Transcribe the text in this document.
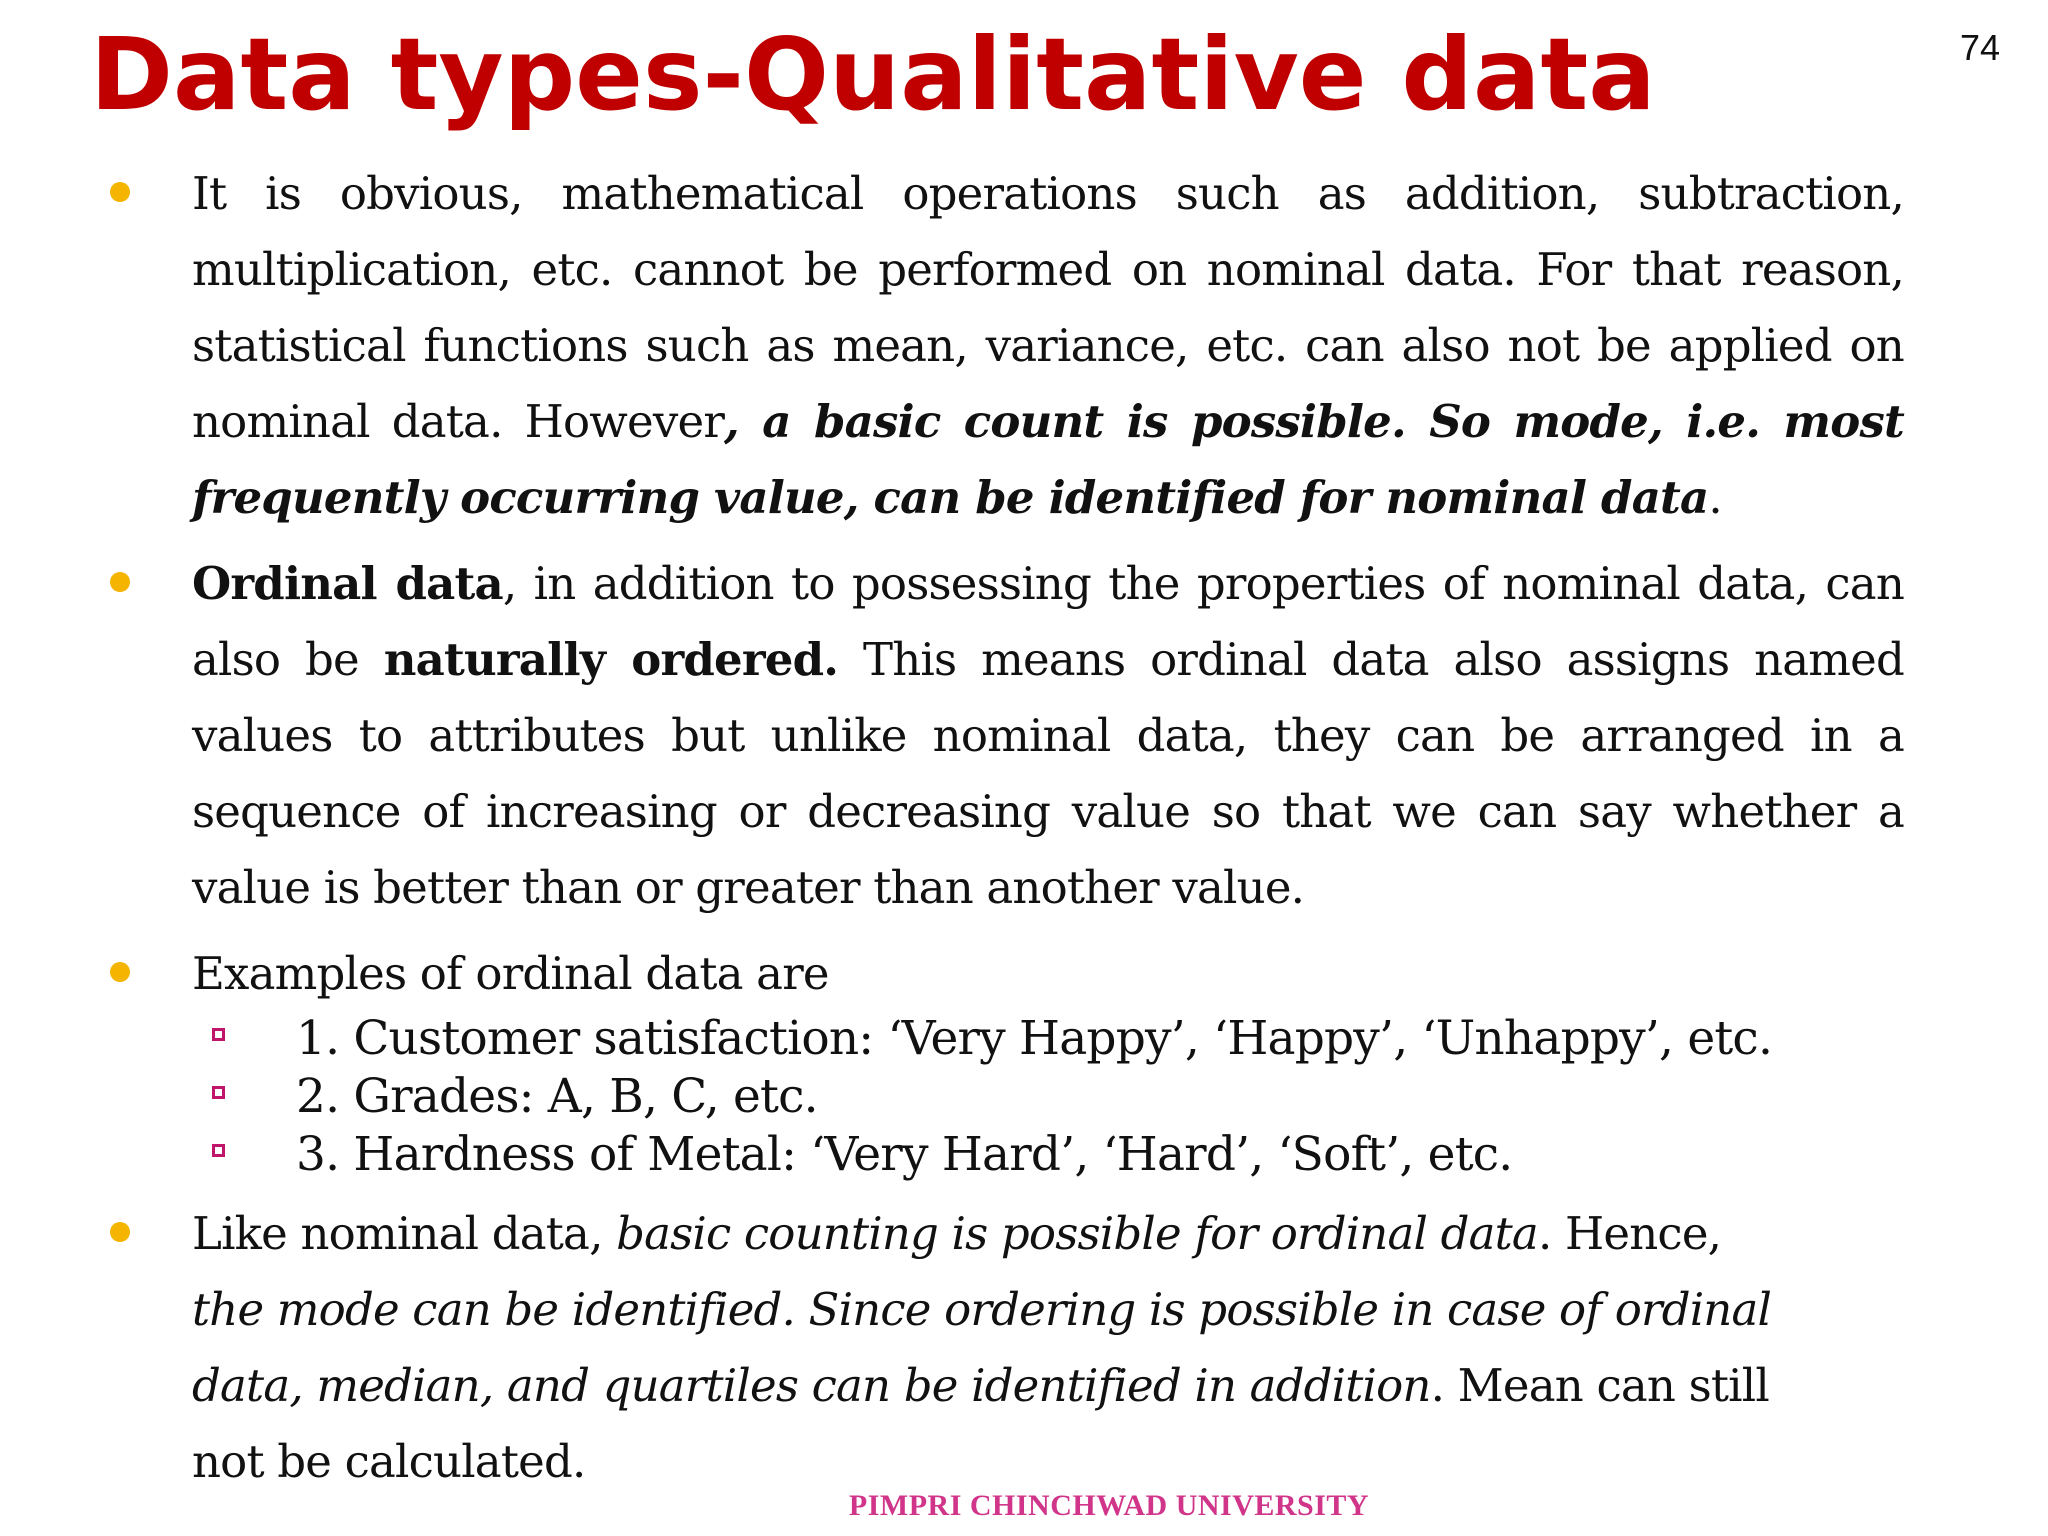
Data types-Qualitative data	74

It is obvious, mathematical operations such as addition, subtraction, multiplication, etc. cannot be performed on nominal data. For that reason, statistical functions such as mean, variance, etc. can also not be applied on nominal data. However, a basic count is possible. So mode, i.e. most frequently occurring value, can be identified for nominal data.

Ordinal data, in addition to possessing the properties of nominal data, can also be naturally ordered. This means ordinal data also assigns named values to attributes but unlike nominal data, they can be arranged in a sequence of increasing or decreasing value so that we can say whether a value is better than or greater than another value.

Examples of ordinal data are

1. Customer satisfaction: ‘Very Happy’, ‘Happy’, ‘Unhappy’, etc.

2. Grades: A, B, C, etc.

3. Hardness of Metal: ‘Very Hard’, ‘Hard’, ‘Soft’, etc.

Like nominal data, basic counting is possible for ordinal data. Hence, the mode can be identified. Since ordering is possible in case of ordinal data, median, and quartiles can be identified in addition. Mean can still not be calculated.

PIMPRI CHINCHWAD UNIVERSITY
